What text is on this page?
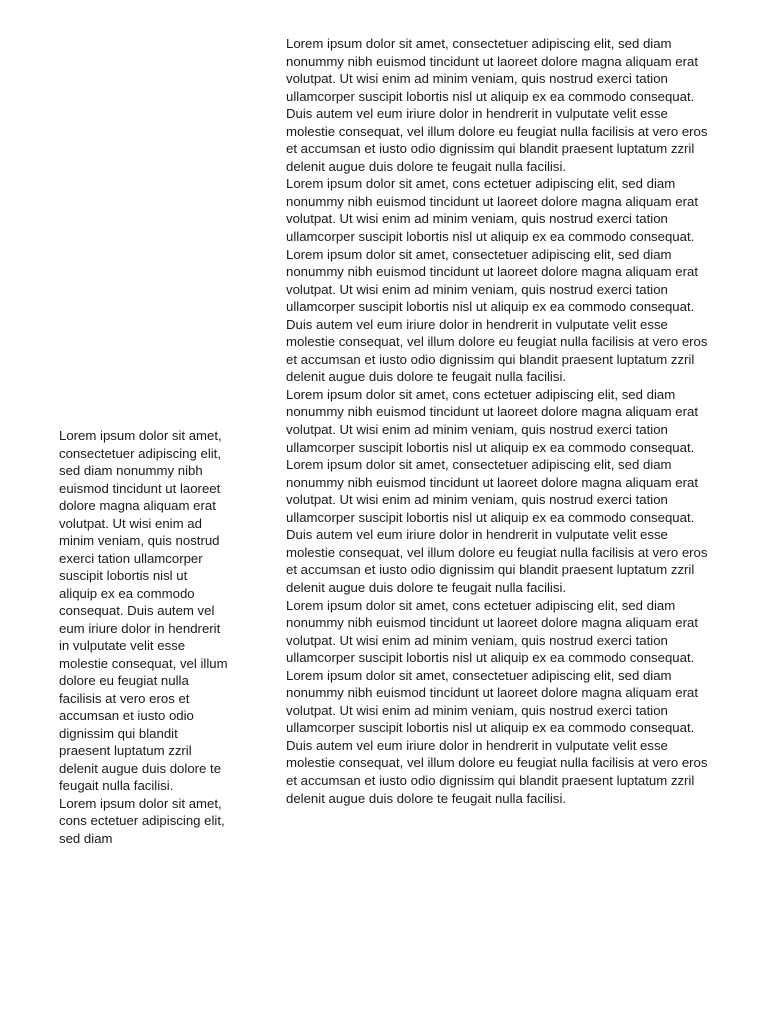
Lorem ipsum dolor sit amet, consectetuer adipiscing elit, sed diam nonummy nibh euismod tincidunt ut laoreet dolore magna aliquam erat volutpat. Ut wisi enim ad minim veniam, quis nostrud exerci tation ullamcorper suscipit lobortis nisl ut aliquip ex ea commodo consequat. Duis autem vel eum iriure dolor in hendrerit in vulputate velit esse molestie consequat, vel illum dolore eu feugiat nulla facilisis at vero eros et accumsan et iusto odio dignissim qui blandit praesent luptatum zzril delenit augue duis dolore te feugait nulla facilisi.

Lorem ipsum dolor sit amet, cons ectetuer adipiscing elit, sed diam

Lorem ipsum dolor sit amet, consectetuer adipiscing elit, sed diam nonummy nibh euismod tincidunt ut laoreet dolore magna aliquam erat volutpat. Ut wisi enim ad minim veniam, quis nostrud exerci tation ullamcorper suscipit lobortis nisl ut aliquip ex ea commodo consequat. Duis autem vel eum iriure dolor in hendrerit in vulputate velit esse molestie consequat, vel illum dolore eu feugiat nulla facilisis at vero eros et accumsan et iusto odio dignissim qui blandit praesent luptatum zzril delenit augue duis dolore te feugait nulla facilisi.

Lorem ipsum dolor sit amet, cons ectetuer adipiscing elit, sed diam nonummy nibh euismod tincidunt ut laoreet dolore magna aliquam erat volutpat. Ut wisi enim ad minim veniam, quis nostrud exerci tation ullamcorper suscipit lobortis nisl ut aliquip ex ea commodo consequat.

Lorem ipsum dolor sit amet, consectetuer adipiscing elit, sed diam nonummy nibh euismod tincidunt ut laoreet dolore magna aliquam erat volutpat. Ut wisi enim ad minim veniam, quis nostrud exerci tation ullamcorper suscipit lobortis nisl ut aliquip ex ea commodo consequat. Duis autem vel eum iriure dolor in hendrerit in vulputate velit esse molestie consequat, vel illum dolore eu feugiat nulla facilisis at vero eros et accumsan et iusto odio dignissim qui blandit praesent luptatum zzril delenit augue duis dolore te feugait nulla facilisi.

Lorem ipsum dolor sit amet, cons ectetuer adipiscing elit, sed diam nonummy nibh euismod tincidunt ut laoreet dolore magna aliquam erat volutpat. Ut wisi enim ad minim veniam, quis nostrud exerci tation ullamcorper suscipit lobortis nisl ut aliquip ex ea commodo consequat.

Lorem ipsum dolor sit amet, consectetuer adipiscing elit, sed diam nonummy nibh euismod tincidunt ut laoreet dolore magna aliquam erat volutpat. Ut wisi enim ad minim veniam, quis nostrud exerci tation ullamcorper suscipit lobortis nisl ut aliquip ex ea commodo consequat. Duis autem vel eum iriure dolor in hendrerit in vulputate velit esse molestie consequat, vel illum dolore eu feugiat nulla facilisis at vero eros et accumsan et iusto odio dignissim qui blandit praesent luptatum zzril delenit augue duis dolore te feugait nulla facilisi.

Lorem ipsum dolor sit amet, cons ectetuer adipiscing elit, sed diam nonummy nibh euismod tincidunt ut laoreet dolore magna aliquam erat volutpat. Ut wisi enim ad minim veniam, quis nostrud exerci tation ullamcorper suscipit lobortis nisl ut aliquip ex ea commodo consequat.

Lorem ipsum dolor sit amet, consectetuer adipiscing elit, sed diam nonummy nibh euismod tincidunt ut laoreet dolore magna aliquam erat volutpat. Ut wisi enim ad minim veniam, quis nostrud exerci tation ullamcorper suscipit lobortis nisl ut aliquip ex ea commodo consequat. Duis autem vel eum iriure dolor in hendrerit in vulputate velit esse molestie consequat, vel illum dolore eu feugiat nulla facilisis at vero eros et accumsan et iusto odio dignissim qui blandit praesent luptatum zzril delenit augue duis dolore te feugait nulla facilisi.
